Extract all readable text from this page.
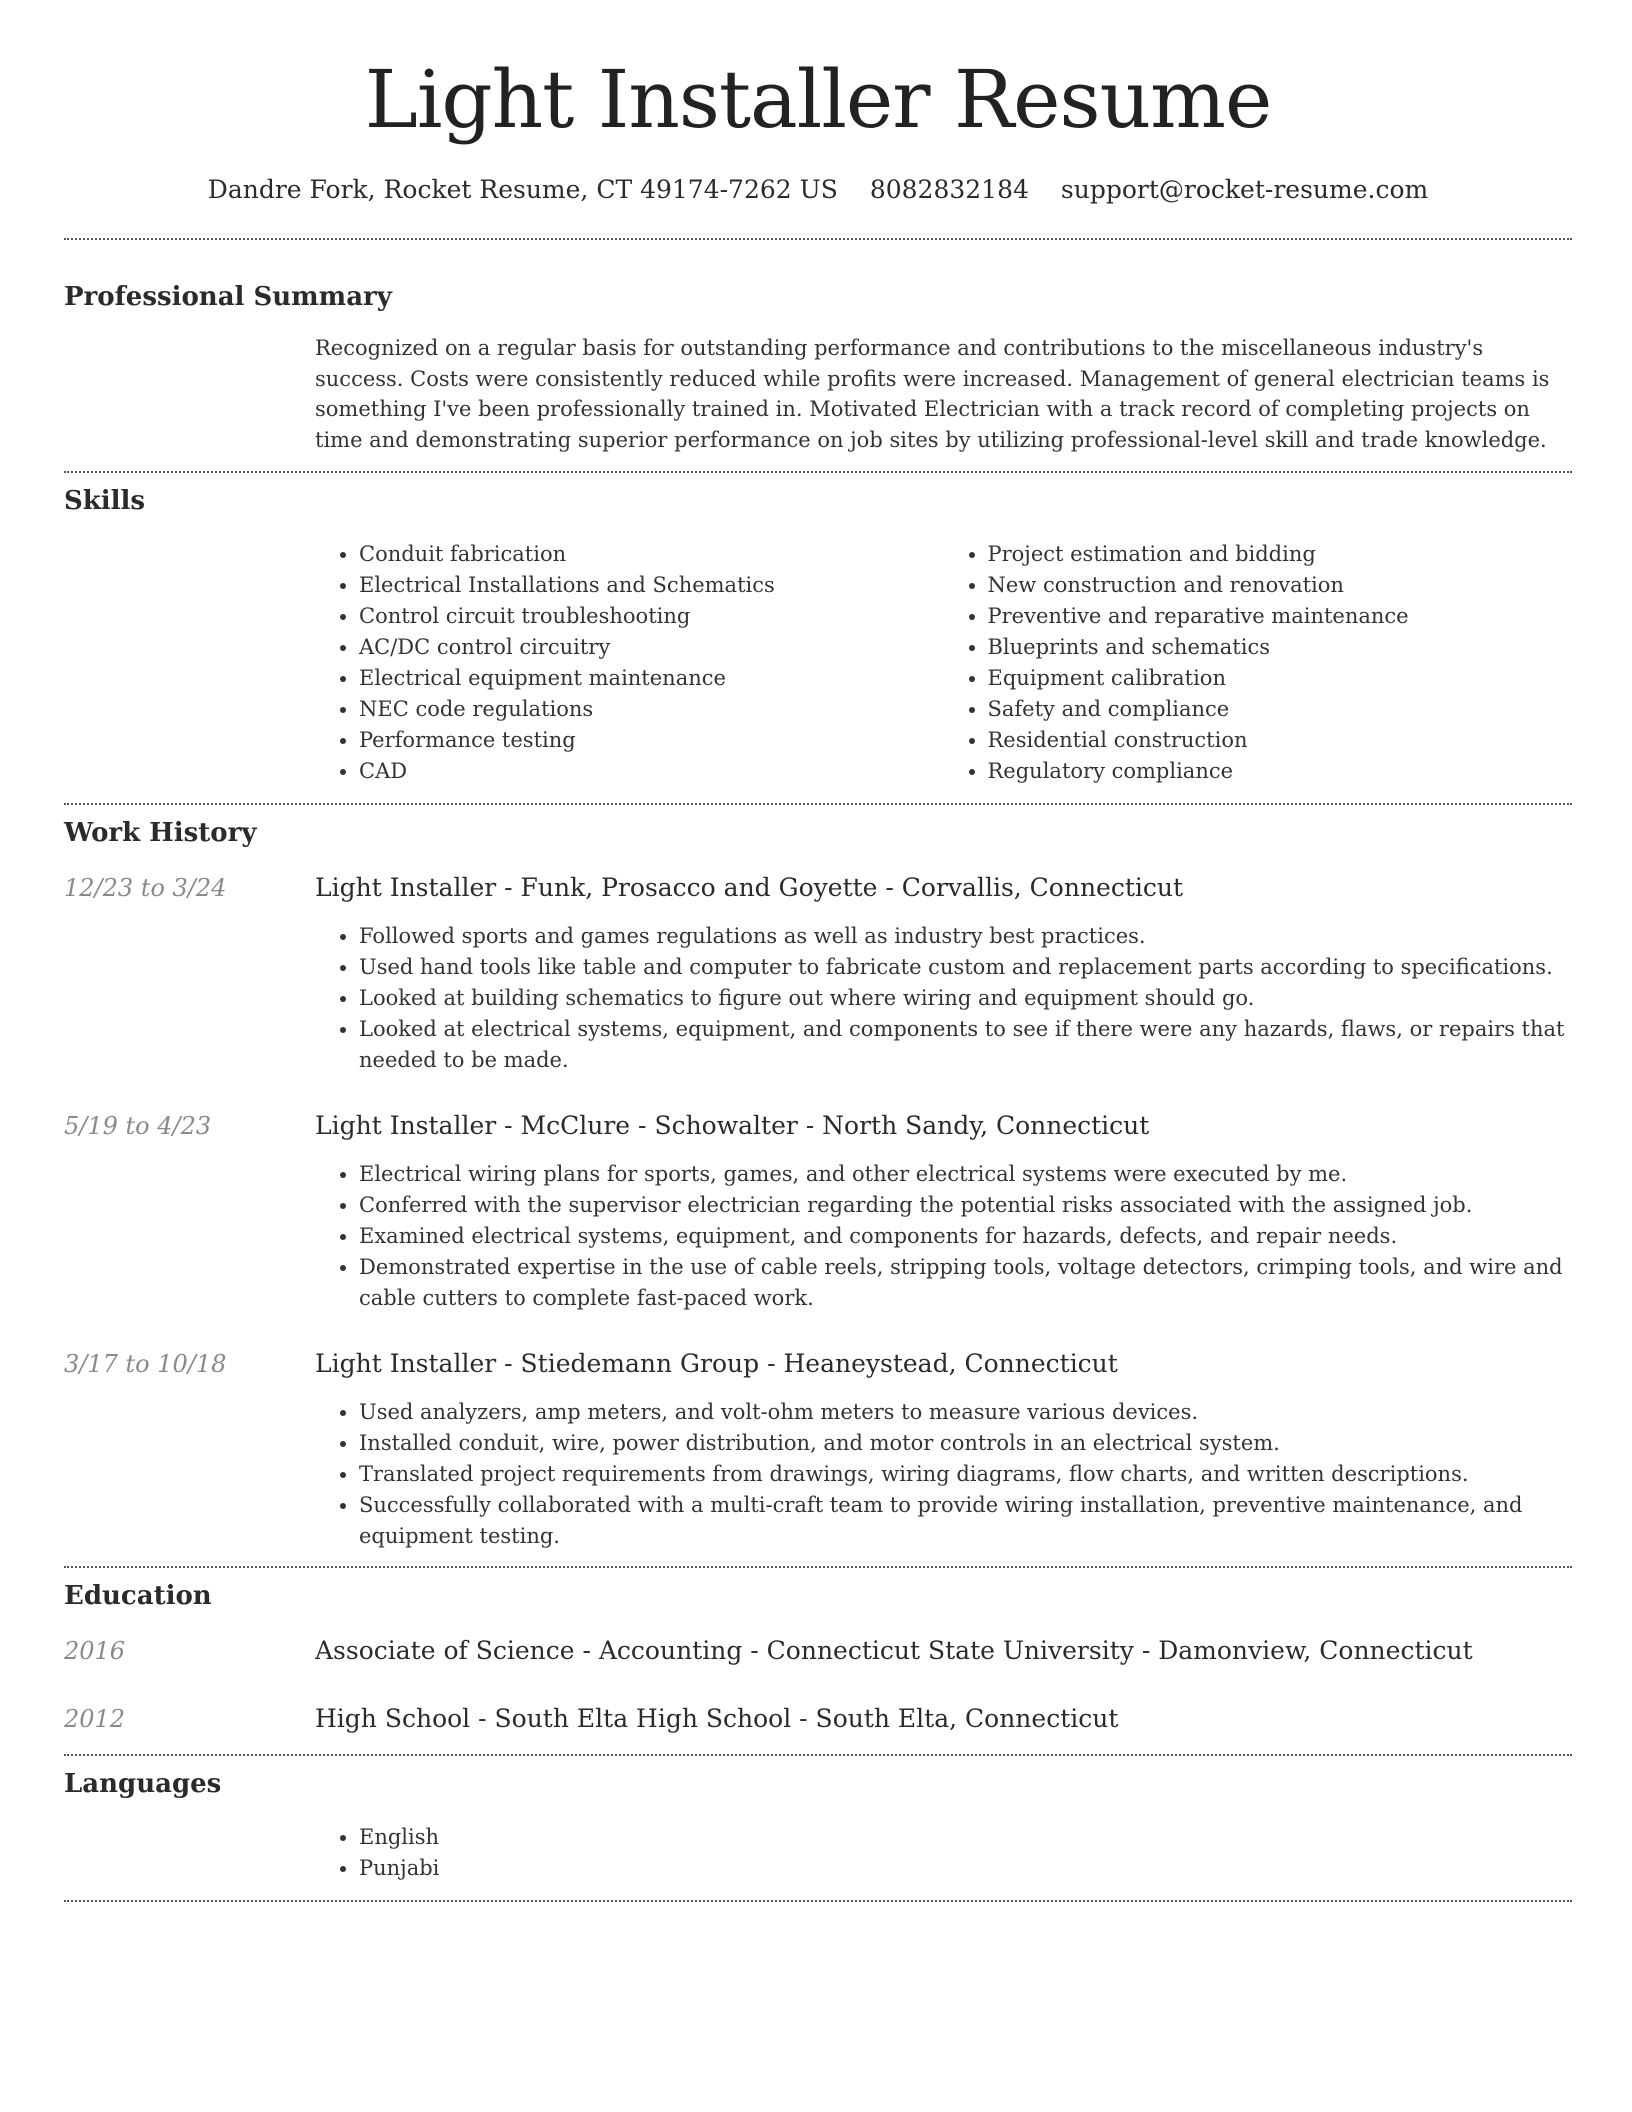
Light Installer Resume
Dandre Fork, Rocket Resume, CT 49174-7262 US 8082832184 support@rocket-resume.com
Professional Summary

Recognized on a regular basis for outstanding performance and contributions to the miscellaneous industry's success. Costs were consistently reduced while profits were increased. Management of general electrician teams is something I've been professionally trained in. Motivated Electrician with a track record of completing projects on time and demonstrating superior performance on job sites by utilizing professional-level skill and trade knowledge.

Skills
• Conduit fabrication
• Electrical Installations and Schematics
• Control circuit troubleshooting
• AC/DC control circuitry
• Electrical equipment maintenance
• NEC code regulations
• Performance testing
• CAD
• Project estimation and bidding
• New construction and renovation
• Preventive and reparative maintenance
• Blueprints and schematics
• Equipment calibration
• Safety and compliance
• Residential construction
• Regulatory compliance
Work History
12/23 to 3/24	Light Installer - Funk, Prosacco and Goyette - Corvallis, Connecticut
• Followed sports and games regulations as well as industry best practices.
• Used hand tools like table and computer to fabricate custom and replacement parts according to specifications.
• Looked at building schematics to figure out where wiring and equipment should go.
• Looked at electrical systems, equipment, and components to see if there were any hazards, flaws, or repairs that needed to be made.
5/19 to 4/23	Light Installer - McClure - Schowalter - North Sandy, Connecticut
• Electrical wiring plans for sports, games, and other electrical systems were executed by me.
• Conferred with the supervisor electrician regarding the potential risks associated with the assigned job.
• Examined electrical systems, equipment, and components for hazards, defects, and repair needs.
• Demonstrated expertise in the use of cable reels, stripping tools, voltage detectors, crimping tools, and wire and cable cutters to complete fast-paced work.
3/17 to 10/18	Light Installer - Stiedemann Group - Heaneystead, Connecticut
• Used analyzers, amp meters, and volt-ohm meters to measure various devices.
• Installed conduit, wire, power distribution, and motor controls in an electrical system.
• Translated project requirements from drawings, wiring diagrams, flow charts, and written descriptions.
• Successfully collaborated with a multi-craft team to provide wiring installation, preventive maintenance, and equipment testing.
Education
2016	Associate of Science - Accounting - Connecticut State University - Damonview, Connecticut
2012	High School - South Elta High School - South Elta, Connecticut
Languages
• English
• Punjabi
